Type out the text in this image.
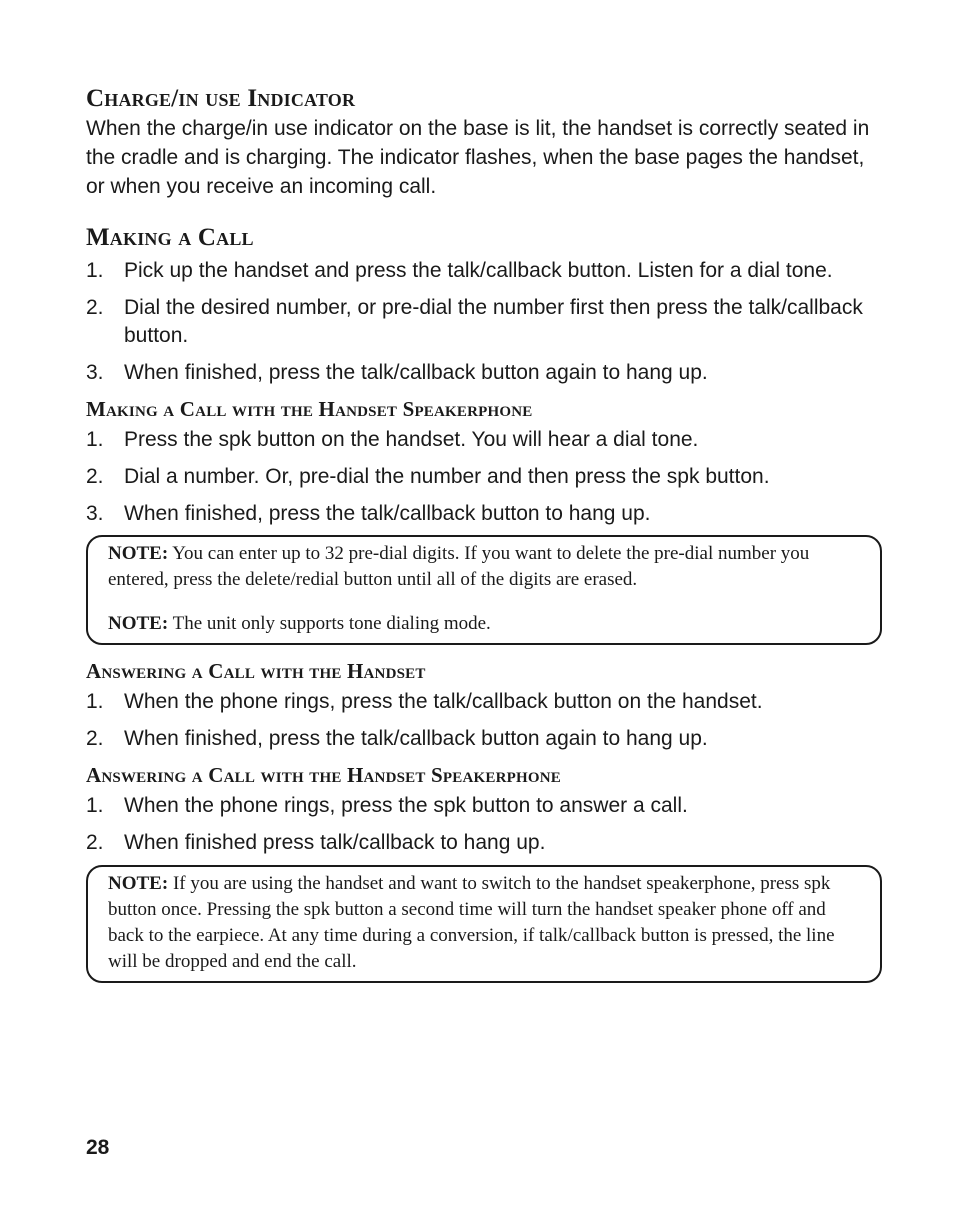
Charge/in use Indicator

When the charge/in use indicator on the base is lit, the handset is correctly seated in the cradle and is charging. The indicator flashes, when the base pages the handset, or when you receive an incoming call.

Making a Call
1. Pick up the handset and press the talk/callback button. Listen for a dial tone.
2. Dial the desired number, or pre-dial the number first then press the talk/callback button.
3. When finished, press the talk/callback button again to hang up.
Making a Call with the Handset Speakerphone
1. Press the spk button on the handset. You will hear a dial tone.
2. Dial a number. Or, pre-dial the number and then press the spk button.
3. When finished, press the talk/callback button to hang up.

NOTE: You can enter up to 32 pre-dial digits. If you want to delete the pre-dial number you entered, press the delete/redial button until all of the digits are erased.

NOTE: The unit only supports tone dialing mode.

Answering a Call with the Handset
1. When the phone rings, press the talk/callback button on the handset.
2. When finished, press the talk/callback button again to hang up.
Answering a Call with the Handset Speakerphone
1. When the phone rings, press the spk button to answer a call.
2. When finished press talk/callback to hang up.

NOTE: If you are using the handset and want to switch to the handset speakerphone, press spk button once. Pressing the spk button a second time will turn the handset speaker phone off and back to the earpiece. At any time during a conversion, if talk/callback button is pressed, the line will be dropped and end the call.

28
